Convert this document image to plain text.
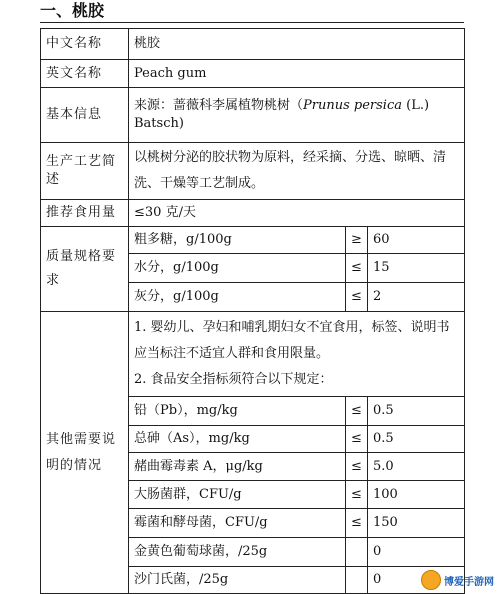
一、桃胶
中文名称	桃胶		
英文名称	Peach gum		
基本信息	来源：蔷薇科李属植物桃树（Prunus persica (L.) Batsch)		
生产工艺简述	以桃树分泌的胶状物为原料，经采摘、分选、晾晒、清洗、干燥等工艺制成。		
推荐食用量	≤30 克/天		
质量规格要求	粗多糖，g/100g	≥	60
	水分，g/100g	≤	15
	灰分，g/100g	≤	2
其他需要说明的情况	1. 婴幼儿、孕妇和哺乳期妇女不宜食用，标签、说明书应当标注不适宜人群和食用限量。
2. 食品安全指标须符合以下规定：		

	铅（Pb），mg/kg	≤	0.5
	总砷（As），mg/kg	≤	0.5
	赭曲霉毒素 A，μg/kg	≤	5.0
	大肠菌群，CFU/g	≤	100
	霉菌和酵母菌，CFU/g	≤	150
	金黄色葡萄球菌，/25g		0
	沙门氏菌，/25g		0	博爱手游网
